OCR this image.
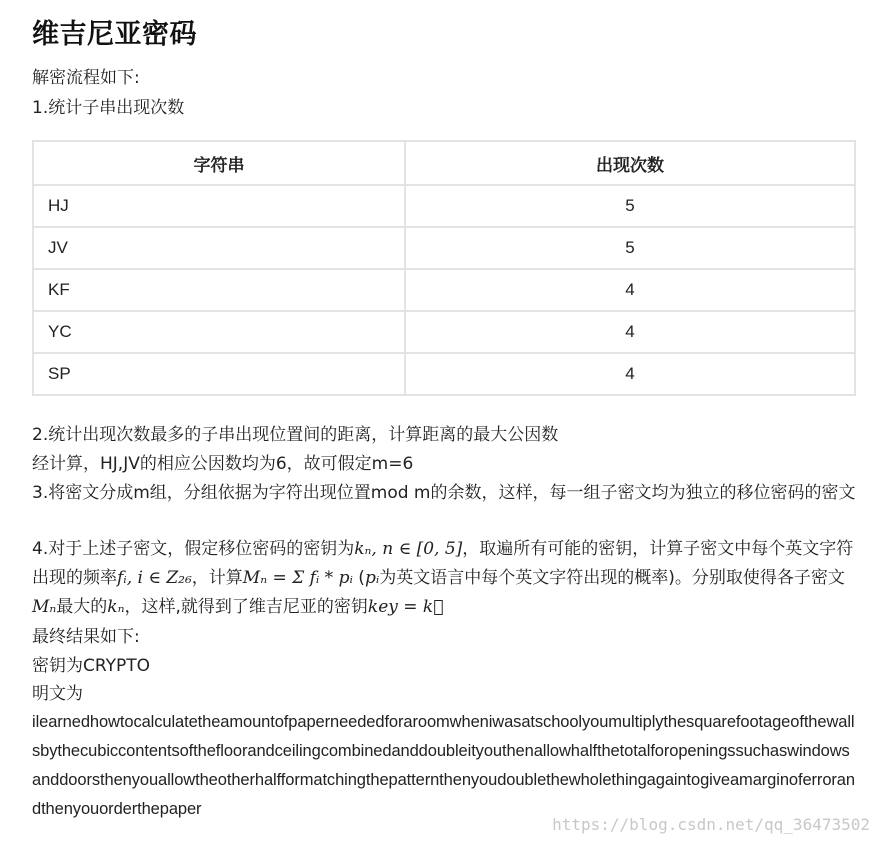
维吉尼亚密码
解密流程如下:
1.统计子串出现次数
字符串	出现次数
HJ	5
JV	5
KF	4
YC	4
SP	4
2.统计出现次数最多的子串出现位置间的距离，计算距离的最大公因数
经计算，HJ,JV的相应公因数均为6，故可假定m=6
3.将密文分成m组，分组依据为字符出现位置mod m的余数，这样，每一组子密文均为独立的移位密码的密文
4.对于上述子密文，假定移位密码的密钥为kₙ, n ∈ [0, 5]，取遍所有可能的密钥，计算子密文中每个英文字符出现的频率fᵢ, i ∈ Z₂₆，计算Mₙ = Σ fᵢ * pᵢ (pᵢ为英文语言中每个英文字符出现的概率)。分别取使得各子密文Mₙ最大的kₙ，这样,就得到了维吉尼亚的密钥key = k⃗
最终结果如下:
密钥为CRYPTO
明文为
ilearnedhowtocalculatetheamountofpaperneededforaroomwheniwasatschoolyoumultiplythesquarefootageofthewallsbythecubiccontentsofthefloorandceilingcombinedanddoubleityouthenallowhalfthetotalforopeningssuchaswindowsanddoorsthenyouallowtheotherhalfformatchingthepatternthenyoudoublethewholethingagaintogiveamarginoferrorandthenyouorderthepaper
https://blog.csdn.net/qq_36473502
